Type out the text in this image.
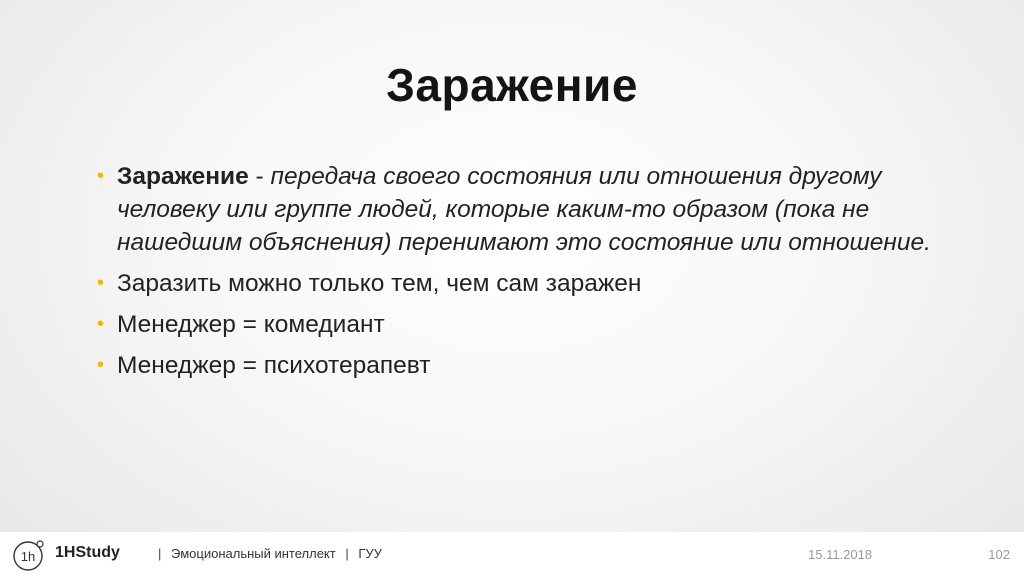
Заражение
• Заражение - передача своего состояния или отношения другому человеку или группе людей, которые каким-то образом (пока не нашедшим объяснения) перенимают это состояние или отношение.
• Заразить можно только тем, чем сам заражен
• Менеджер = комедиант
• Менеджер = психотерапевт
1h 1HStudy	| Эмоциональный интеллект | ГУУ	15.11.2018	102
